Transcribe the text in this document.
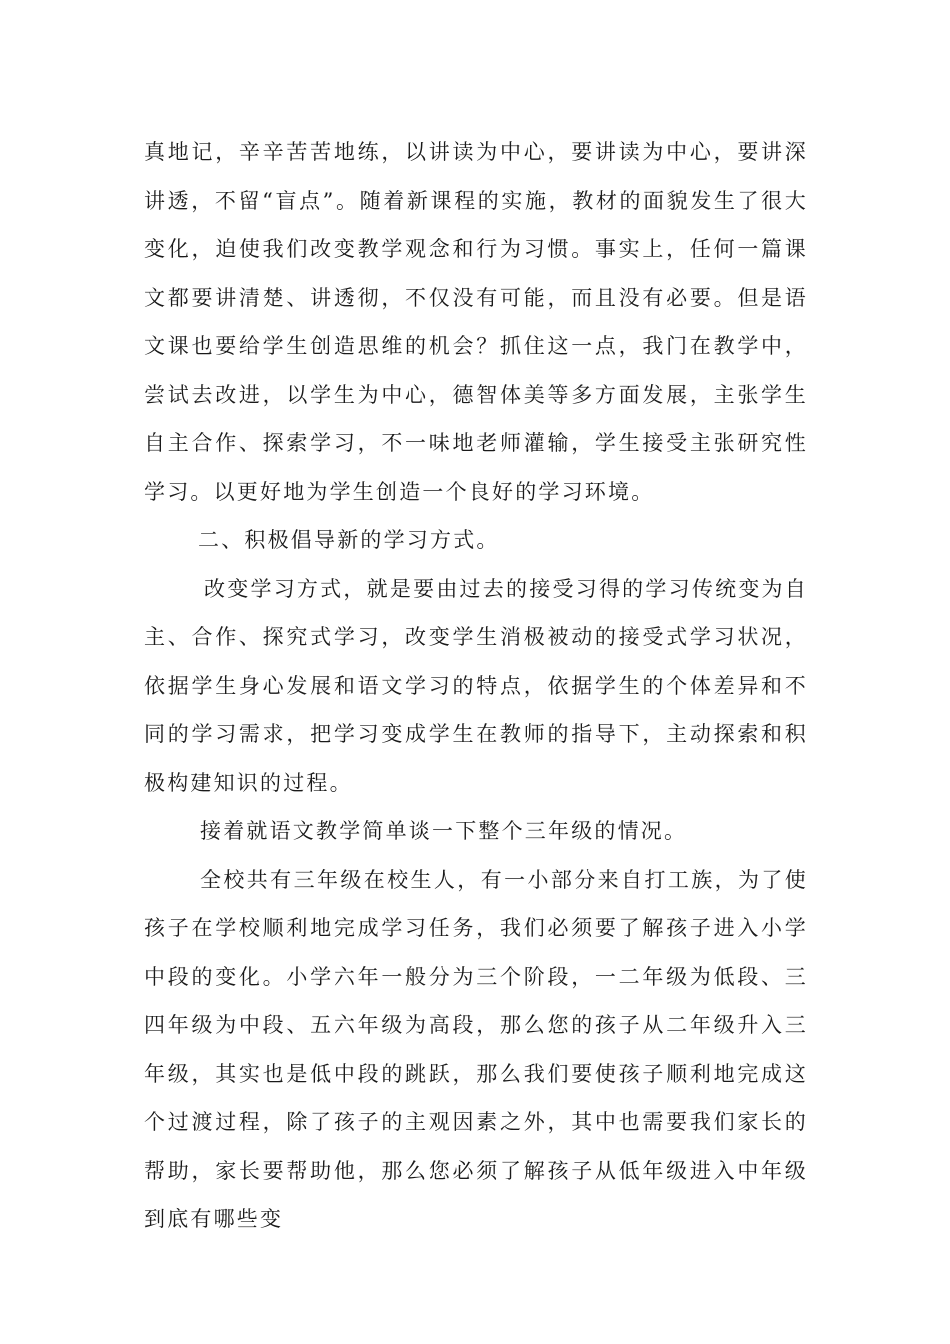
真地记，辛辛苦苦地练，以讲读为中心，要讲读为中心，要讲深讲透，不留“盲点”。随着新课程的实施，教材的面貌发生了很大变化，迫使我们改变教学观念和行为习惯。事实上，任何一篇课文都要讲清楚、讲透彻，不仅没有可能，而且没有必要。但是语文课也要给学生创造思维的机会？抓住这一点，我门在教学中，尝试去改进，以学生为中心，德智体美等多方面发展，主张学生自主合作、探索学习，不一味地老师灌输，学生接受主张研究性学习。以更好地为学生创造一个良好的学习环境。

二、积极倡导新的学习方式。

改变学习方式，就是要由过去的接受习得的学习传统变为自主、合作、探究式学习，改变学生消极被动的接受式学习状况，依据学生身心发展和语文学习的特点，依据学生的个体差异和不同的学习需求，把学习变成学生在教师的指导下，主动探索和积极构建知识的过程。

接着就语文教学简单谈一下整个三年级的情况。

全校共有三年级在校生人，有一小部分来自打工族，为了使孩子在学校顺利地完成学习任务，我们必须要了解孩子进入小学中段的变化。小学六年一般分为三个阶段，一二年级为低段、三四年级为中段、五六年级为高段，那么您的孩子从二年级升入三年级，其实也是低中段的跳跃，那么我们要使孩子顺利地完成这个过渡过程，除了孩子的主观因素之外，其中也需要我们家长的帮助，家长要帮助他，那么您必须了解孩子从低年级进入中年级到底有哪些变
